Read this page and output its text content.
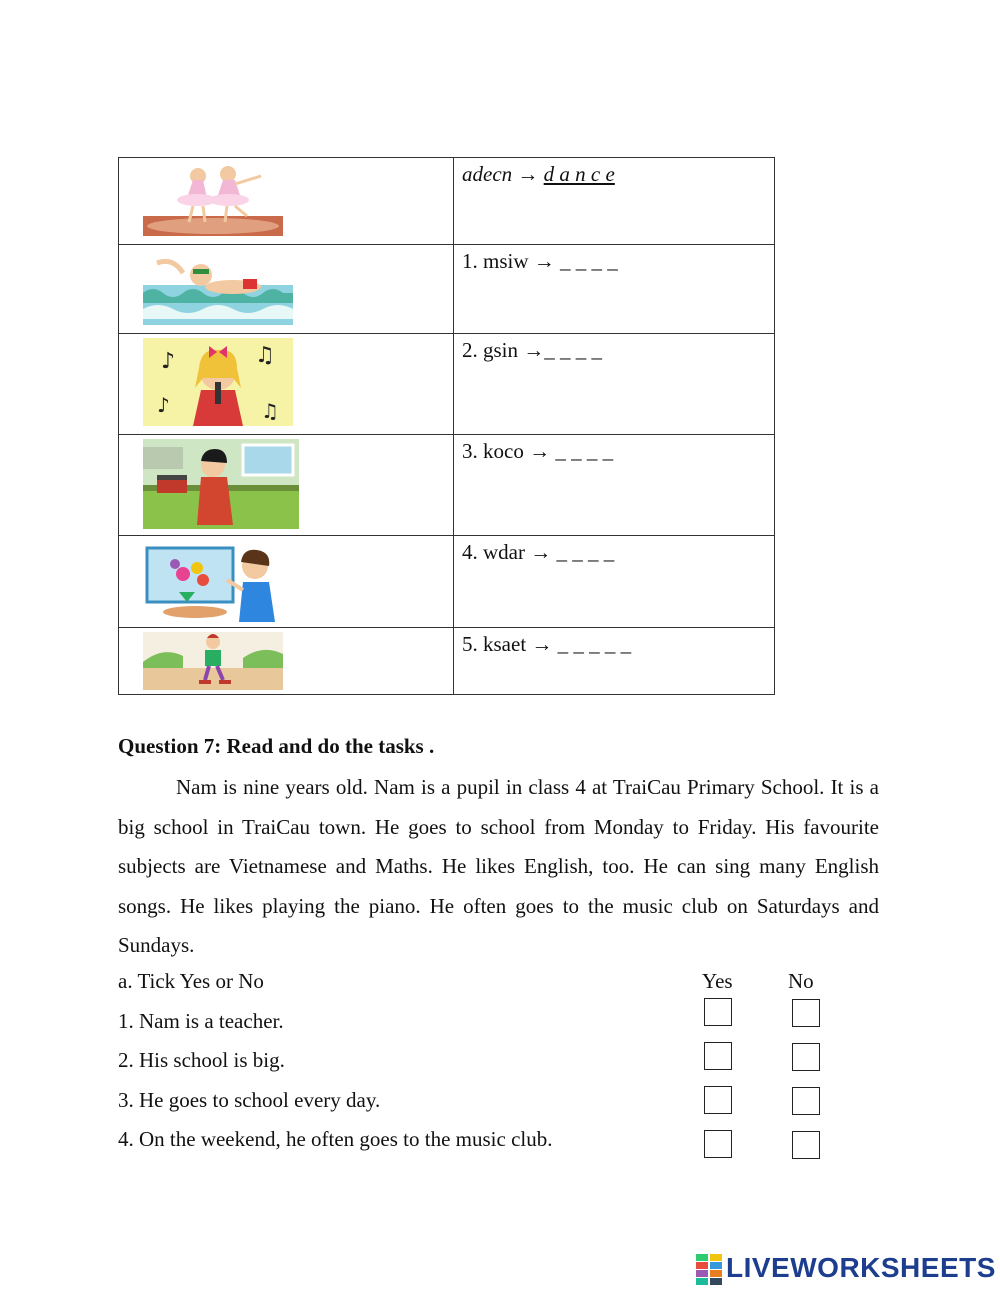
	adecn → d a n c e

	1. msiw → _ _ _ _

♪ ♫
♪ ♫	2. gsin →_ _ _ _

	3. koco → _ _ _ _

	4. wdar → _ _ _ _

	5. ksaet → _ _ _ _ _
Question 7: Read and do the tasks .

Nam is nine years old. Nam is a pupil in class 4 at TraiCau Primary School. It is a big school in TraiCau town. He goes to school from Monday to Friday. His favourite subjects are Vietnamese and Maths. He likes English, too. He can sing many English songs. He likes playing the piano. He often goes to the music club on Saturdays and Sundays.

a. Tick Yes or No	Yes	No
1. Nam is a teacher.
2. His school is big.
3. He goes to school every day.
4. On the weekend, he often goes to the music club.
LIVEWORKSHEETS
